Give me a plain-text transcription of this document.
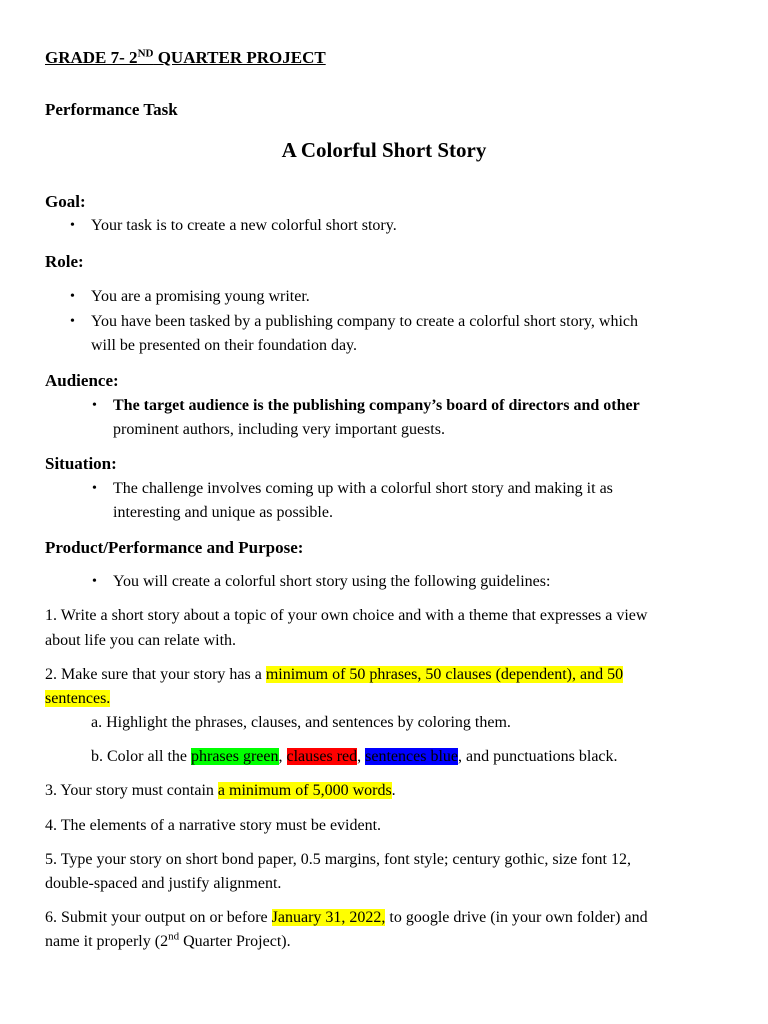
GRADE 7- 2ND QUARTER PROJECT
Performance Task
A Colorful Short Story
Goal:
• Your task is to create a new colorful short story.
Role:
• You are a promising young writer.
• You have been tasked by a publishing company to create a colorful short story, which
will be presented on their foundation day.
Audience:
• The target audience is the publishing company’s board of directors and other
prominent authors, including very important guests.
Situation:
• The challenge involves coming up with a colorful short story and making it as
interesting and unique as possible.
Product/Performance and Purpose:
• You will create a colorful short story using the following guidelines:
1. Write a short story about a topic of your own choice and with a theme that expresses a view
about life you can relate with.
2. Make sure that your story has a minimum of 50 phrases, 50 clauses (dependent), and 50
sentences.
a. Highlight the phrases, clauses, and sentences by coloring them.
b. Color all the phrases green, clauses red, sentences blue, and punctuations black.
3. Your story must contain a minimum of 5,000 words.
4. The elements of a narrative story must be evident.
5. Type your story on short bond paper, 0.5 margins, font style; century gothic, size font 12,
double-spaced and justify alignment.
6. Submit your output on or before January 31, 2022, to google drive (in your own folder) and
name it properly (2nd Quarter Project).
